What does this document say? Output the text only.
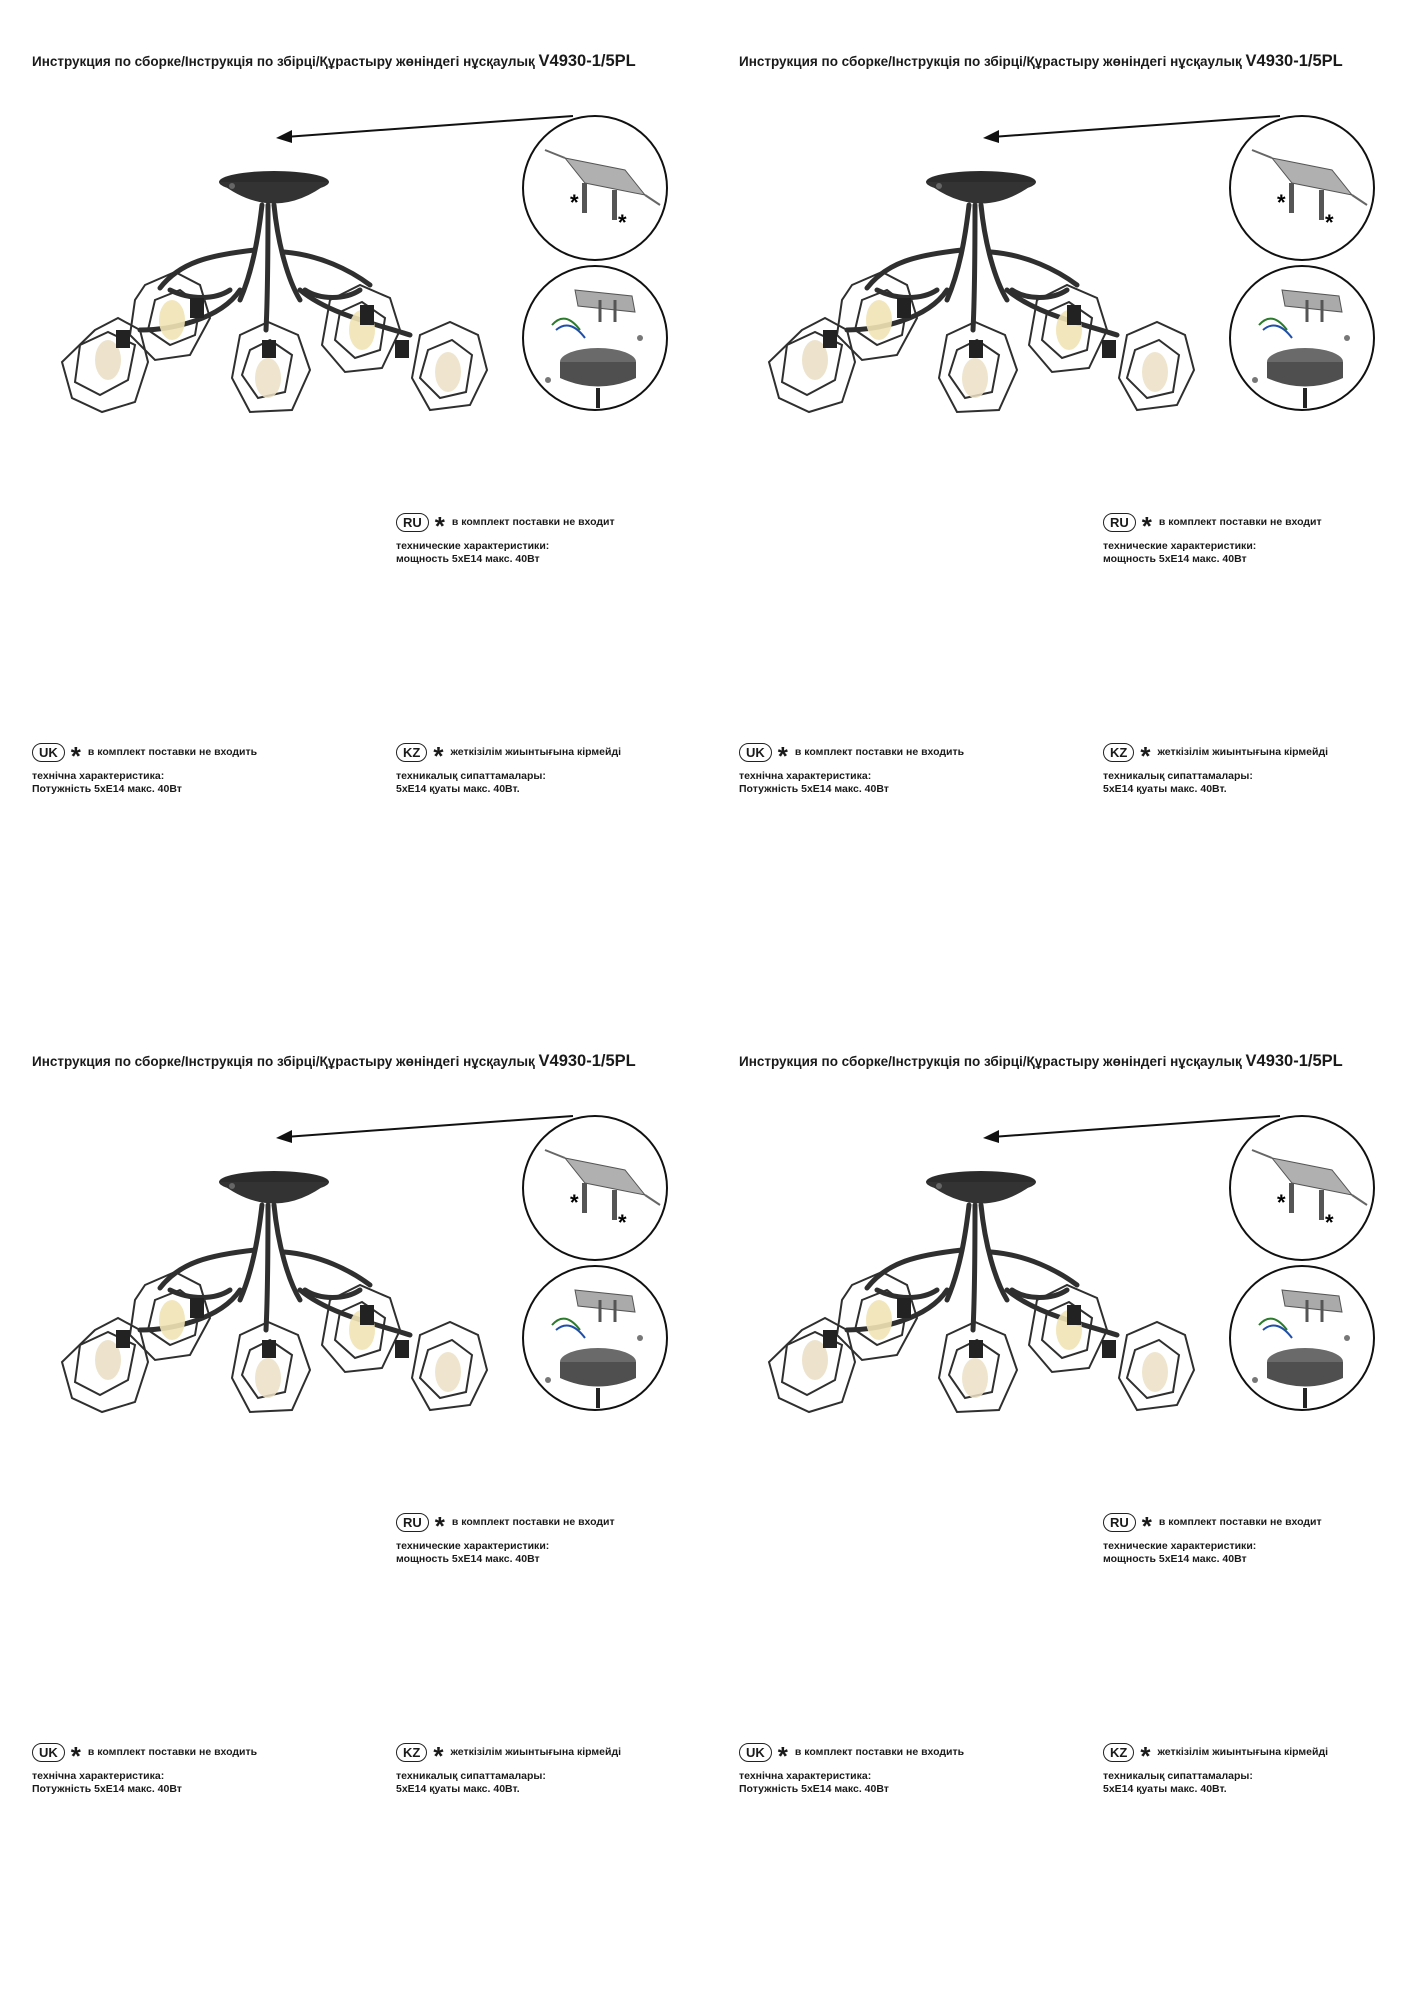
Инструкция по сборке/Інструкція по збірці/Құрастыру жөніндегі нұсқаулық V4930-1/5PL
*
*
RU * в комплект поставки не входит
технические характеристики:
мощность 5хЕ14 макс. 40Вт
UK * в комплект поставки не входить
технічна характеристика:
Потужність 5хЕ14 макс. 40Вт
KZ * жеткізілім жиынтығына кірмейді
техникалық сипаттамалары:
5хЕ14 қуаты макс. 40Вт.
Инструкция по сборке/Інструкція по збірці/Құрастыру жөніндегі нұсқаулық V4930-1/5PL
*
*
RU * в комплект поставки не входит
технические характеристики:
мощность 5хЕ14 макс. 40Вт
UK * в комплект поставки не входить
технічна характеристика:
Потужність 5хЕ14 макс. 40Вт
KZ * жеткізілім жиынтығына кірмейді
техникалық сипаттамалары:
5хЕ14 қуаты макс. 40Вт.
Инструкция по сборке/Інструкція по збірці/Құрастыру жөніндегі нұсқаулық V4930-1/5PL
*
*
RU * в комплект поставки не входит
технические характеристики:
мощность 5хЕ14 макс. 40Вт
UK * в комплект поставки не входить
технічна характеристика:
Потужність 5хЕ14 макс. 40Вт
KZ * жеткізілім жиынтығына кірмейді
техникалық сипаттамалары:
5хЕ14 қуаты макс. 40Вт.
Инструкция по сборке/Інструкція по збірці/Құрастыру жөніндегі нұсқаулық V4930-1/5PL
*
*
RU * в комплект поставки не входит
технические характеристики:
мощность 5хЕ14 макс. 40Вт
UK * в комплект поставки не входить
технічна характеристика:
Потужність 5хЕ14 макс. 40Вт
KZ * жеткізілім жиынтығына кірмейді
техникалық сипаттамалары:
5хЕ14 қуаты макс. 40Вт.
